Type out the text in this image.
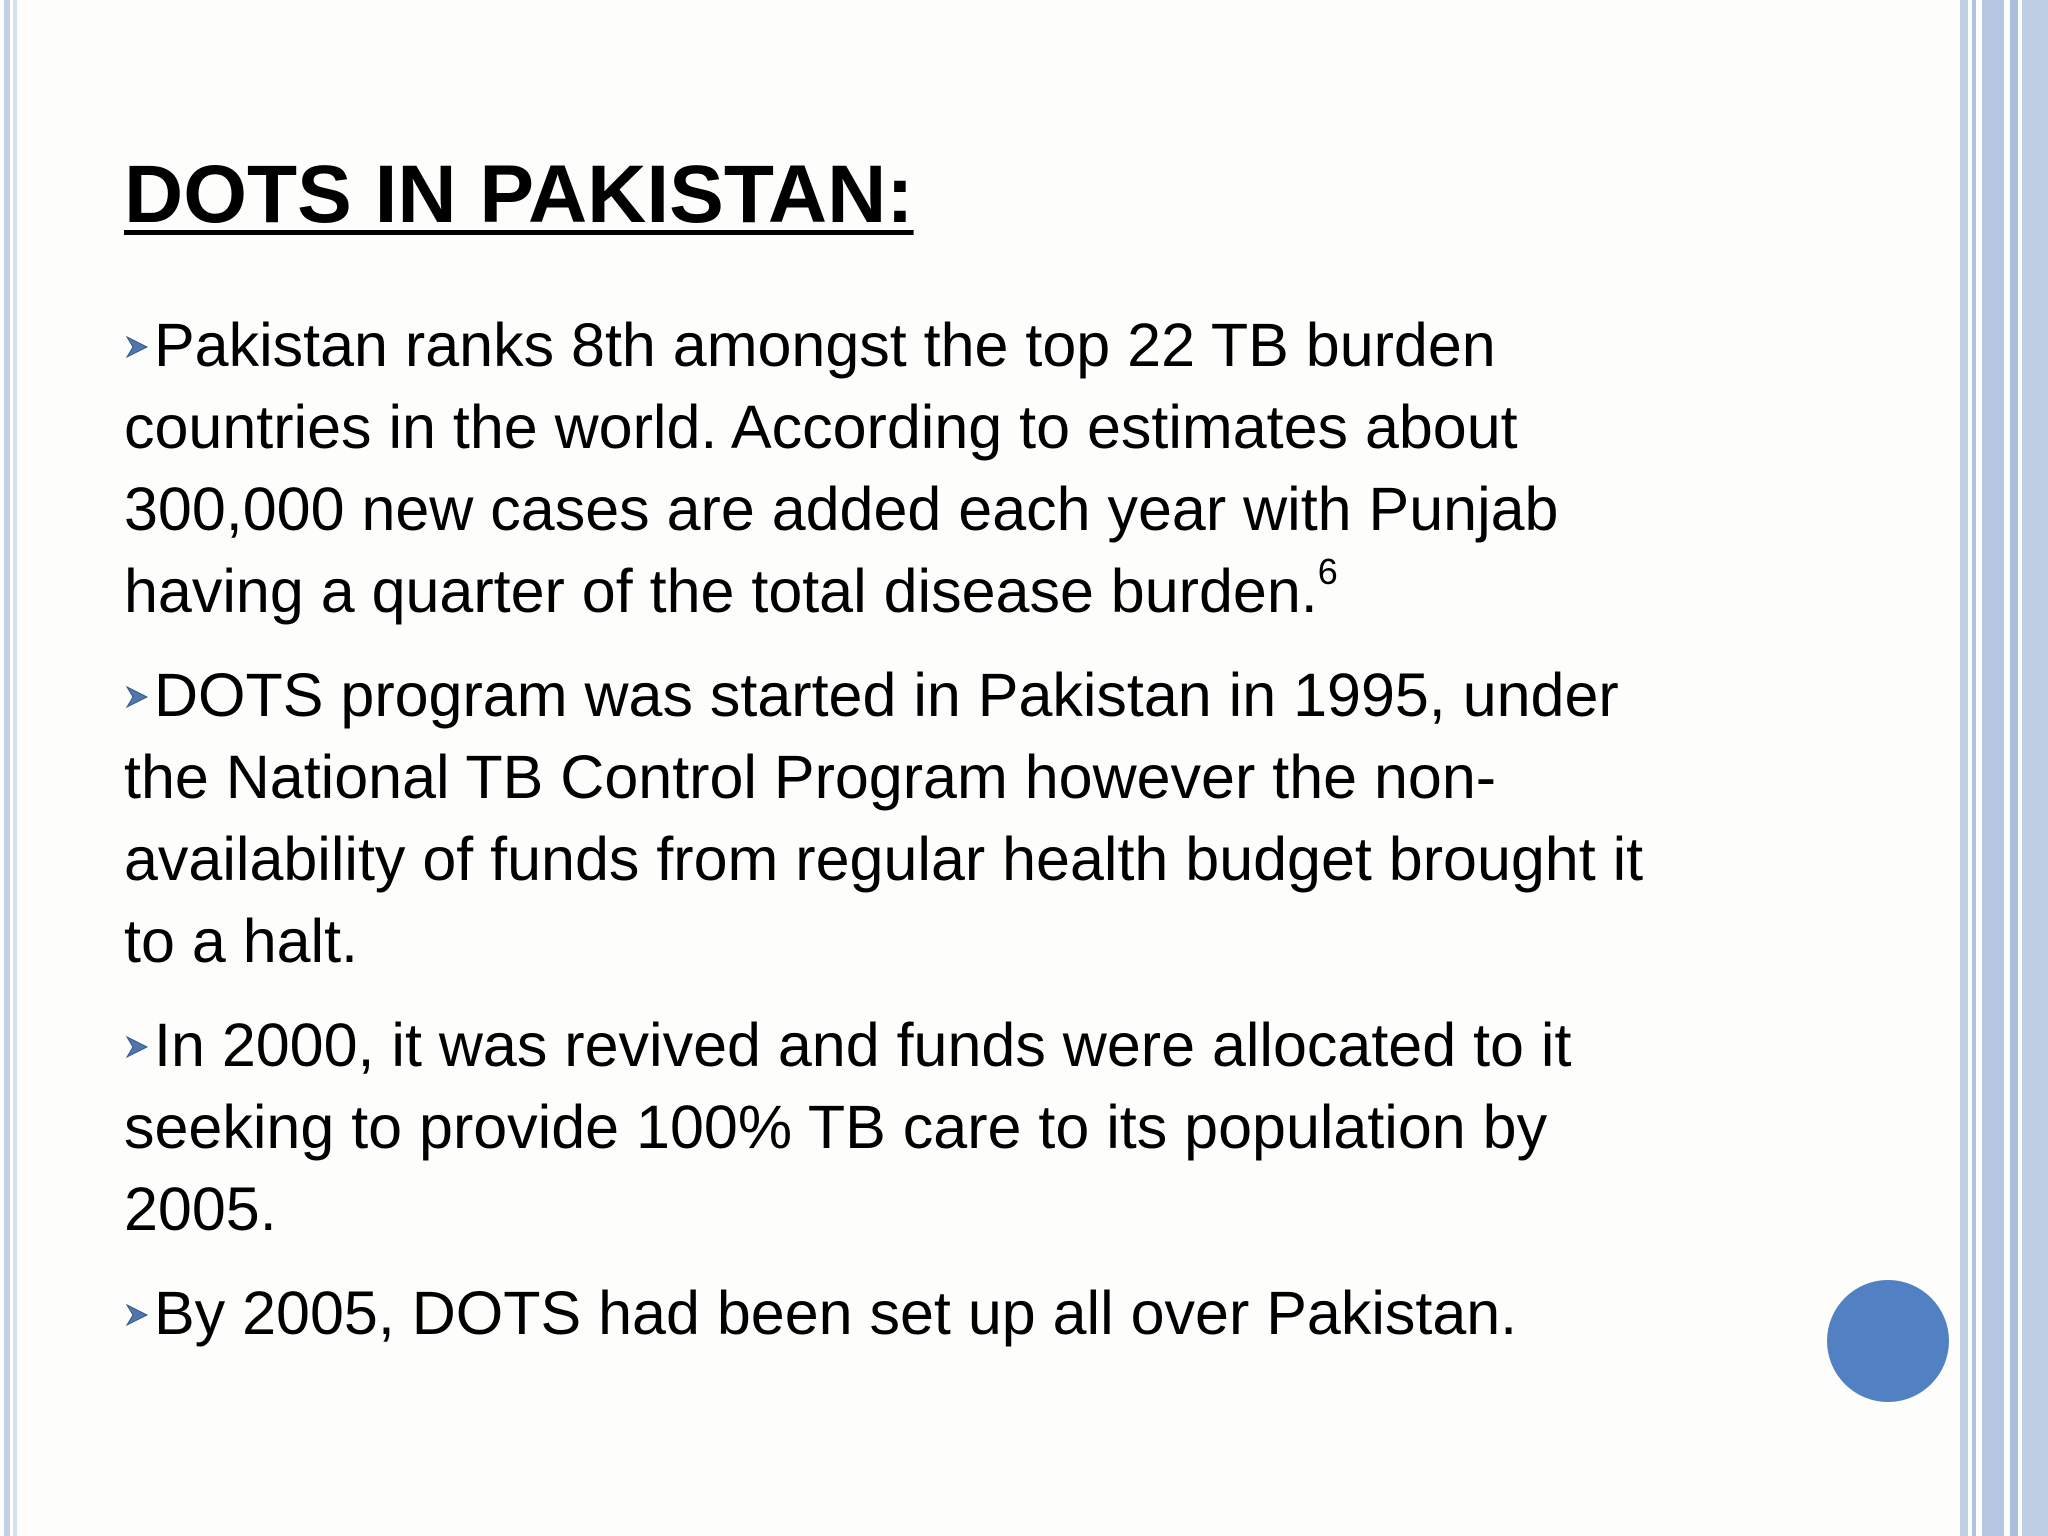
DOTS IN PAKISTAN:

Pakistan ranks 8th amongst the top 22 TB burden
countries in the world. According to estimates about
300,000 new cases are added each year with Punjab
having a quarter of the total disease burden.$^6$

DOTS program was started in Pakistan in 1995, under
the National TB Control Program however the non-
availability of funds from regular health budget brought it
to a halt.

In 2000, it was revived and funds were allocated to it
seeking to provide 100% TB care to its population by
2005.

By 2005, DOTS had been set up all over Pakistan.
